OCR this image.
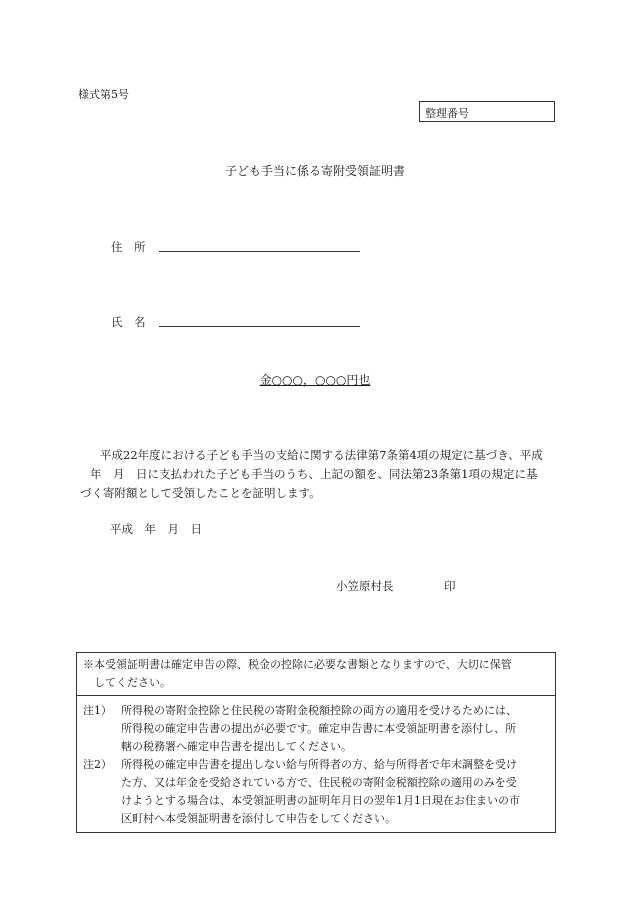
様式第5号
整理番号
子ども手当に係る寄附受領証明書
住　所
氏　名
金○○○，○○○円也

平成22年度における子ども手当の支給に関する法律第7条第4項の規定に基づき、平成

年　月　日に支払われた子ども手当のうち、上記の額を、同法第23条第1項の規定に基

づく寄附額として受領したことを証明します。

平成　年　月　日
小笠原村長	印
※本受領証明書は確定申告の際、税金の控除に必要な書類となりますので、大切に保管
してください。
注1） 所得税の寄附金控除と住民税の寄附金税額控除の両方の適用を受けるためには、
所得税の確定申告書の提出が必要です。確定申告書に本受領証明書を添付し、所
轄の税務署へ確定申告書を提出してください。
注2） 所得税の確定申告書を提出しない給与所得者の方、給与所得者で年末調整を受け
た方、又は年金を受給されている方で、住民税の寄附金税額控除の適用のみを受
けようとする場合は、本受領証明書の証明年月日の翌年1月1日現在お住まいの市
区町村へ本受領証明書を添付して申告をしてください。
